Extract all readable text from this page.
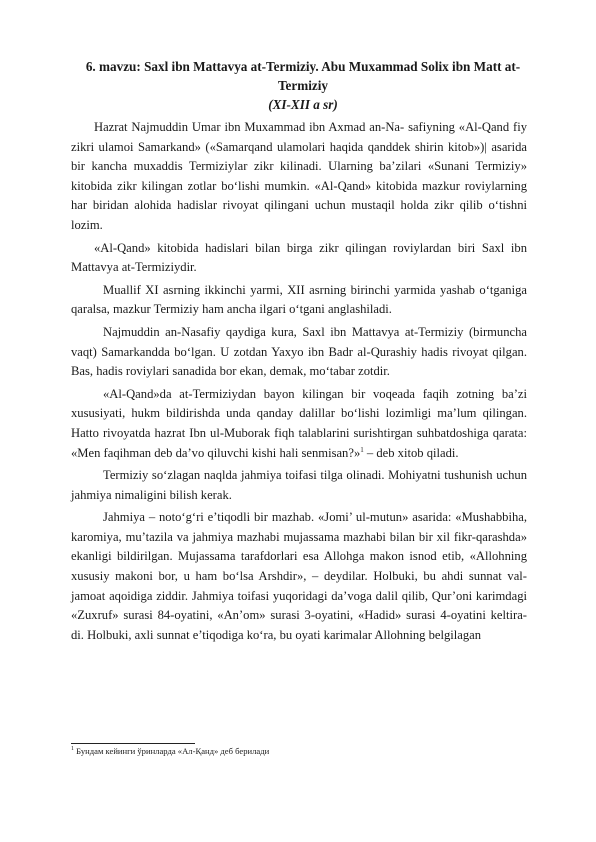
6. mavzu: Saxl ibn Mattavya at-Termiziy. Abu Muxammad Solix ibn Matt at-
Termiziy
(XI-XII a sr)

Hazrat Najmuddin Umar ibn Muxammad ibn Axmad an-Na- safiyning «Al-Qand fiy zikri ulamoi Samarkand» («Samarqand ulamolari haqida qanddek shirin kitob»)| asarida bir kancha muxaddis Termiziylar zikr kilinadi. Ularning ba’zilari «Sunani Termiziy» kitobida zikr kilingan zotlar bo‘lishi mumkin. «Al-Qand» kitobida mazkur roviylarning har biridan alohida hadislar rivoyat qilingani uchun mustaqil holda zikr qilib o‘tishni lozim.

«Al-Qand» kitobida hadislari bilan birga zikr qilingan roviylardan biri Saxl ibn Mattavya at-Termiziydir.

Muallif XI asrning ikkinchi yarmi, XII asrning birinchi yarmida yashab o‘tganiga qaralsa, mazkur Termiziy ham ancha ilgari o‘tgani anglashiladi.

Najmuddin an-Nasafiy qaydiga kura, Saxl ibn Mattavya at-Termiziy (birmuncha vaqt) Samarkandda bo‘lgan. U zotdan Yaxyo ibn Badr al-Qurashiy hadis rivoyat qilgan. Bas, hadis roviylari sanadida bor ekan, demak, mo‘tabar zotdir.

«Al-Qand»da at-Termiziydan bayon kilingan bir voqeada faqih zotning ba’zi xususiyati, hukm bildirishda unda qanday dalillar bo‘lishi lozimligi ma’lum qilingan. Hatto rivoyatda hazrat Ibn ul-Muborak fiqh talablarini surishtirgan suhbatdoshiga qarata: «Men faqihman deb da’vo qiluvchi kishi hali senmisan?»$^1$ – deb xitob qiladi.

Termiziy so‘zlagan naqlda jahmiya toifasi tilga olinadi. Mohiyatni tushunish uchun jahmiya nimaligini bilish kerak.

Jahmiya – noto‘g‘ri e’tiqodli bir mazhab. «Jomi’ ul-mutun» asarida: «Mushabbiha, karomiya, mu’tazila va jahmiya mazhabi mujassama mazhabi bilan bir xil fikr-qarashda» ekanligi bildirilgan. Mujassama tarafdorlari esa Allohga makon isnod etib, «Allohning xususiy makoni bor, u ham bo‘lsa Arshdir», – deydilar. Holbuki, bu ahdi sunnat val-jamoat aqoidiga ziddir. Jahmiya toifasi yuqoridagi da’voga dalil qilib, Qur’oni karimdagi «Zuxruf» surasi 84-oyatini, «An’om» surasi 3-oyatini, «Hadid» surasi 4-oyatini keltira- di. Holbuki, axli sunnat e’tiqodiga ko‘ra, bu oyati karimalar Allohning belgilagan

$^1$ Бундам кейинги ўринларда «Ал-Қанд» деб берилади
